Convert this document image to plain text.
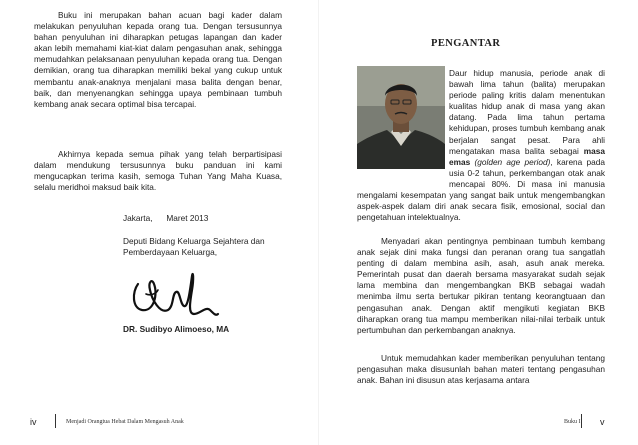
Buku ini merupakan bahan acuan bagi kader dalam melakukan penyuluhan kepada orang tua. Dengan tersusunnya bahan penyuluhan ini diharapkan petugas lapangan dan kader akan lebih memahami kiat-kiat dalam pengasuhan anak, sehingga memudahkan pelaksanaan penyuluhan kepada orang tua. Dengan demikian, orang tua diharapkan memiliki bekal yang cukup untuk membantu anak-anaknya menjalani masa balita dengan benar, baik, dan menyenangkan sehingga upaya pembinaan tumbuh kembang anak secara optimal bisa tercapai.

Akhirnya kepada semua pihak yang telah berpartisipasi dalam mendukung tersusunnya buku panduan ini kami mengucapkan terima kasih, semoga Tuhan Yang Maha Kuasa, selalu meridhoi maksud baik kita.

Jakarta,      Maret 2013
Deputi Bidang Keluarga Sejahtera dan Pemberdayaan Keluarga,
DR. Sudibyo Alimoeso, MA
iv	Menjadi Orangtua Hebat Dalam Mengasuh Anak
PENGANTAR

Daur hidup manusia, periode anak di bawah lima tahun (balita) merupakan periode paling kritis dalam menentukan kualitas hidup anak di masa yang akan datang. Pada lima tahun pertama kehidupan, proses tumbuh kembang anak berjalan sangat pesat. Para ahli mengatakan masa balita sebagai masa emas (golden age period), karena pada usia 0-2 tahun, perkembangan otak anak mencapai 80%. Di masa ini manusia mengalami kesempatan yang sangat baik untuk mengembangkan aspek-aspek dalam diri anak secara fisik, emosional, social dan pengetahuan intelektualnya.

Menyadari akan pentingnya pembinaan tumbuh kembang anak sejak dini maka fungsi dan peranan orang tua sangatlah penting di dalam membina asih, asah, asuh anak mereka. Pemerintah pusat dan daerah bersama masyarakat sudah sejak lama membina dan mengembangkan BKB sebagai wadah menimba ilmu serta bertukar pikiran tentang keorangtuaan dan pengasuhan anak. Dengan aktif mengikuti kegiatan BKB diharapkan orang tua mampu memberikan nilai-nilai terbaik untuk pertumbuhan dan perkembangan anaknya.

Untuk memudahkan kader memberikan penyuluhan tentang pengasuhan maka disusunlah bahan materi tentang pengasuhan anak. Bahan ini disusun atas kerjasama antara

Buku I v
